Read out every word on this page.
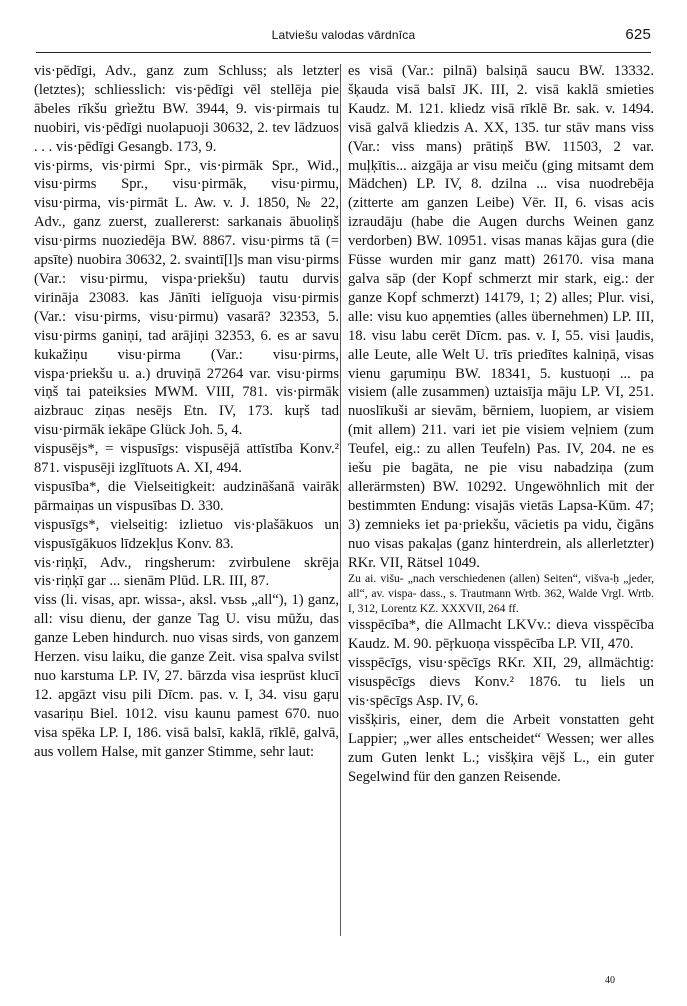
Latviešu valodas vārdnīca	625

vis·pēdīgi, Adv., ganz zum Schluss; als letzter (letztes); schliesslich: vis·pēdīgi vēl stellēja pie ābeles rīkšu grìežtu BW. 3944, 9. vis·pirmais tu nuobiri, vis·pēdīgi nuolapuoji 30632, 2. tev lādzuos . . . vis·pēdīgi Gesangb. 173, 9.

vis·pirms, vis·pirmi Spr., vis·pirmāk Spr., Wid., visu·pirms Spr., visu·pirmāk, visu·pirmu, visu·pirma, vis·pirmāt L. Aw. v. J. 1850, № 22, Adv., ganz zuerst, zuallererst: sarkanais ābuoliņš visu·pirms nuoziedēja BW. 8867. visu·pirms tā (= apsīte) nuobira 30632, 2. svaintī[l]s man visu·pirms (Var.: visu·pirmu, vispa·priekšu) tautu durvis virināja 23083. kas Jānīti ielīguoja visu·pirmis (Var.: visu·pirms, visu·pirmu) vasarā? 32353, 5. visu·pirms ganiņi, tad arājiņi 32353, 6. es ar savu kukažiņu visu·pirma (Var.: visu·pirms, vispa·priekšu u. a.) druviņā 27264 var. visu·pirms viņš tai pateiksies MWM. VIII, 781. vis·pirmāk aizbrauc ziņas nesējs Etn. IV, 173. kuŗš tad visu·pirmāk iekāpe Glück Joh. 5, 4.

vispusējs*, = vispusīgs: vispusējā attīstība Konv.² 871. vispusēji izglītuots A. XI, 494.

vispusība*, die Vielseitigkeit: audzināšanā vairāk pārmaiņas un vispusības D. 330.

vispusīgs*, vielseitig: izlietuo vis·plašākuos un vispusīgākuos līdzekļus Konv. 83.

vis·riņķī, Adv., ringsherum: zvirbulene skrēja vis·riņķī gar ... sienām Plūd. LR. III, 87.

viss (li. visas, apr. wissa-, aksl. vьsь „all“), 1) ganz, all: visu dienu, der ganze Tag U. visu mūžu, das ganze Leben hindurch. nuo visas sirds, von ganzem Herzen. visu laiku, die ganze Zeit. visa spalva svilst nuo karstuma LP. IV, 27. bārzda visa iesprūst klucī 12. apgāzt visu pili Dīcm. pas. v. I, 34. visu gaŗu vasariņu Biel. 1012. visu kaunu pamest 670. nuo visa spēka LP. I, 186. visā balsī, kaklā, rīklē, galvā, aus vollem Halse, mit ganzer Stimme, sehr laut:

es visā (Var.: pilnā) balsiņā saucu BW. 13332. šķauda visā balsī JK. III, 2. visā kaklā smieties Kaudz. M. 121. kliedz visā rīklē Br. sak. v. 1494. visā galvā kliedzis A. XX, 135. tur stāv mans viss (Var.: viss mans) prātiņš BW. 11503, 2 var. muļķītis... aizgāja ar visu meiču (ging mitsamt dem Mädchen) LP. IV, 8. dzilna ... visa nuodrebēja (zitterte am ganzen Leibe) Vēr. II, 6. visas acis izraudāju (habe die Augen durchs Weinen ganz verdorben) BW. 10951. visas manas kājas gura (die Füsse wurden mir ganz matt) 26170. visa mana galva sāp (der Kopf schmerzt mir stark, eig.: der ganze Kopf schmerzt) 14179, 1; 2) alles; Plur. visi, alle: visu kuo apņemties (alles übernehmen) LP. III, 18. visu labu cerēt Dīcm. pas. v. I, 55. visi ļaudis, alle Leute, alle Welt U. trīs priedītes kalniņā, visas vienu gaŗumiņu BW. 18341, 5. kustuoņi ... pa visiem (alle zusammen) uztaisīja māju LP. VI, 251. nuoslīkuši ar sievām, bērniem, luopiem, ar visiem (mit allem) 211. vari iet pie visiem veļniem (zum Teufel, eig.: zu allen Teufeln) Pas. IV, 204. ne es iešu pie bagāta, ne pie visu nabadziņa (zum allerärmsten) BW. 10292. Ungewöhnlich mit der bestimmten Endung: visajās vietās Lapsa-Kūm. 47; 3) zemnieks iet pa·priekšu, vācietis pa vidu, čigāns nuo visas pakaļas (ganz hinterdrein, als allerletzter) RKr. VII, Rätsel 1049.

Zu ai. višu- „nach verschiedenen (allen) Seiten“, višva-ḥ „jeder, all“, av. vispa- dass., s. Trautmann Wrtb. 362, Walde Vrgl. Wrtb. I, 312, Lorentz KZ. XXXVII, 264 ff.

visspēcība*, die Allmacht LKVv.: dieva visspēcība Kaudz. M. 90. pēŗkuoņa visspēcība LP. VII, 470.

visspēcīgs, visu·spēcīgs RKr. XII, 29, allmächtig: visuspēcīgs dievs Konv.² 1876. tu liels un vis·spēcīgs Asp. IV, 6.

visšķiris, einer, dem die Arbeit vonstatten geht Lappier; „wer alles entscheidet“ Wessen; wer alles zum Guten lenkt L.; visšķira vējš L., ein guter Segelwind für den ganzen Reisende.

40
